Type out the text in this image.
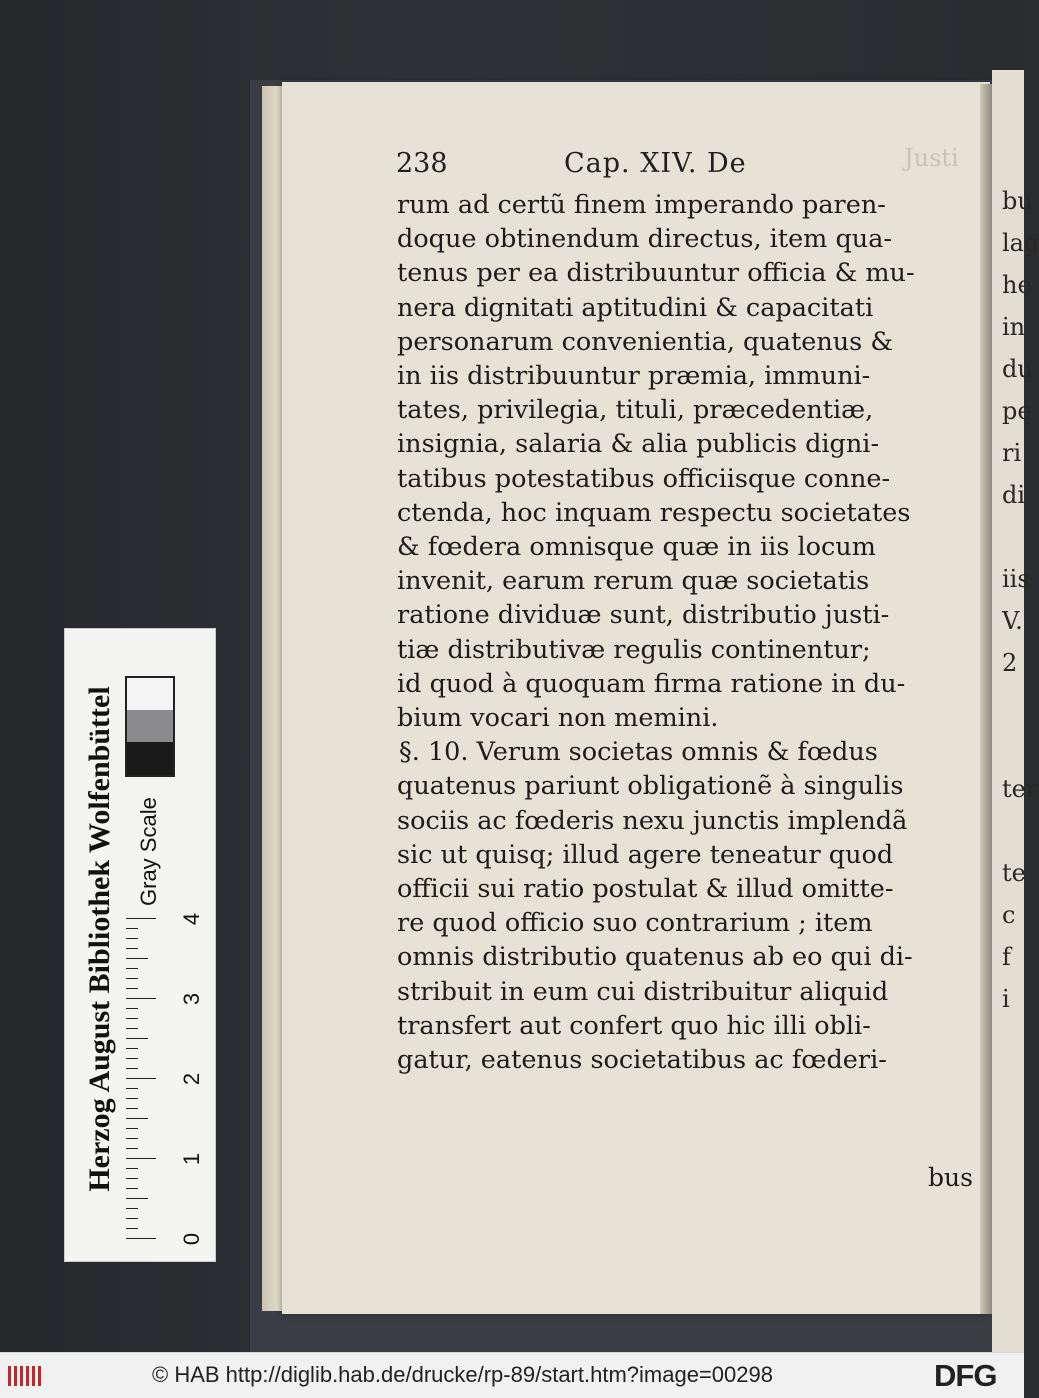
bu
lag
he
in
du
pe
ri
di
iis
V.
2
ter
te
c
f
i
238	Cap. XIV. De	Justi
rum ad certũ finem imperando paren-
doque obtinendum directus, item qua-
tenus per ea distribuuntur officia & mu-
nera dignitati aptitudini & capacitati
personarum convenientia, quatenus &
in iis distribuuntur præmia, immuni-
tates, privilegia, tituli, præcedentiæ,
insignia, salaria & alia publicis digni-
tatibus potestatibus officiisque conne-
ctenda, hoc inquam respectu societates
& fœdera omnisque quæ in iis locum
invenit, earum rerum quæ societatis
ratione dividuæ sunt, distributio justi-
tiæ distributivæ regulis continentur;
id quod à quoquam firma ratione in du-
bium vocari non memini.
§. 10. Verum societas omnis & fœdus
quatenus pariunt obligationẽ à singulis
sociis ac fœderis nexu junctis implendã
sic ut quisq; illud agere teneatur quod
officii sui ratio postulat & illud omitte-
re quod officio suo contrarium ; item
omnis distributio quatenus ab eo qui di-
stribuit in eum cui distribuitur aliquid
transfert aut confert quo hic illi obli-
gatur, eatenus societatibus ac fœderi-
bus
Herzog August Bibliothek Wolfenbüttel Gray Scale
0
1
2
3
4
© HAB http://diglib.hab.de/drucke/rp-89/start.htm?image=00298	DFG
